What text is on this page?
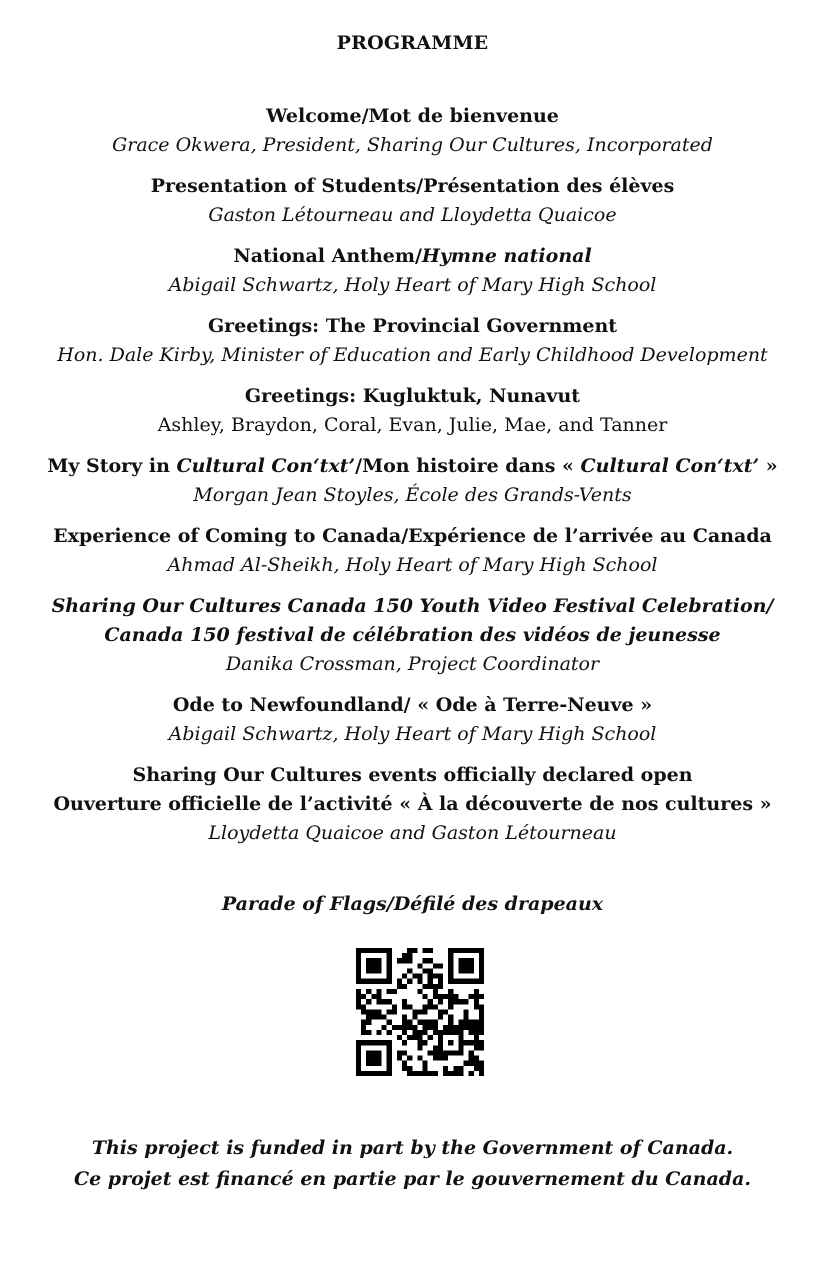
PROGRAMME
Welcome/Mot de bienvenue
Grace Okwera, President, Sharing Our Cultures, Incorporated
Presentation of Students/Présentation des élèves
Gaston Létourneau and Lloydetta Quaicoe
National Anthem/Hymne national
Abigail Schwartz, Holy Heart of Mary High School
Greetings: The Provincial Government
Hon. Dale Kirby, Minister of Education and Early Childhood Development
Greetings: Kugluktuk, Nunavut
Ashley, Braydon, Coral, Evan, Julie, Mae, and Tanner
My Story in Cultural Con‘txt’/Mon histoire dans « Cultural Con‘txt’ »
Morgan Jean Stoyles, École des Grands-Vents
Experience of Coming to Canada/Expérience de l’arrivée au Canada
Ahmad Al-Sheikh, Holy Heart of Mary High School
Sharing Our Cultures Canada 150 Youth Video Festival Celebration/
Canada 150 festival de célébration des vidéos de jeunesse
Danika Crossman, Project Coordinator
Ode to Newfoundland/ « Ode à Terre-Neuve »
Abigail Schwartz, Holy Heart of Mary High School
Sharing Our Cultures events officially declared open
Ouverture officielle de l’activité « À la découverte de nos cultures »
Lloydetta Quaicoe and Gaston Létourneau
Parade of Flags/Défilé des drapeaux
This project is funded in part by the Government of Canada.
Ce projet est financé en partie par le gouvernement du Canada.
